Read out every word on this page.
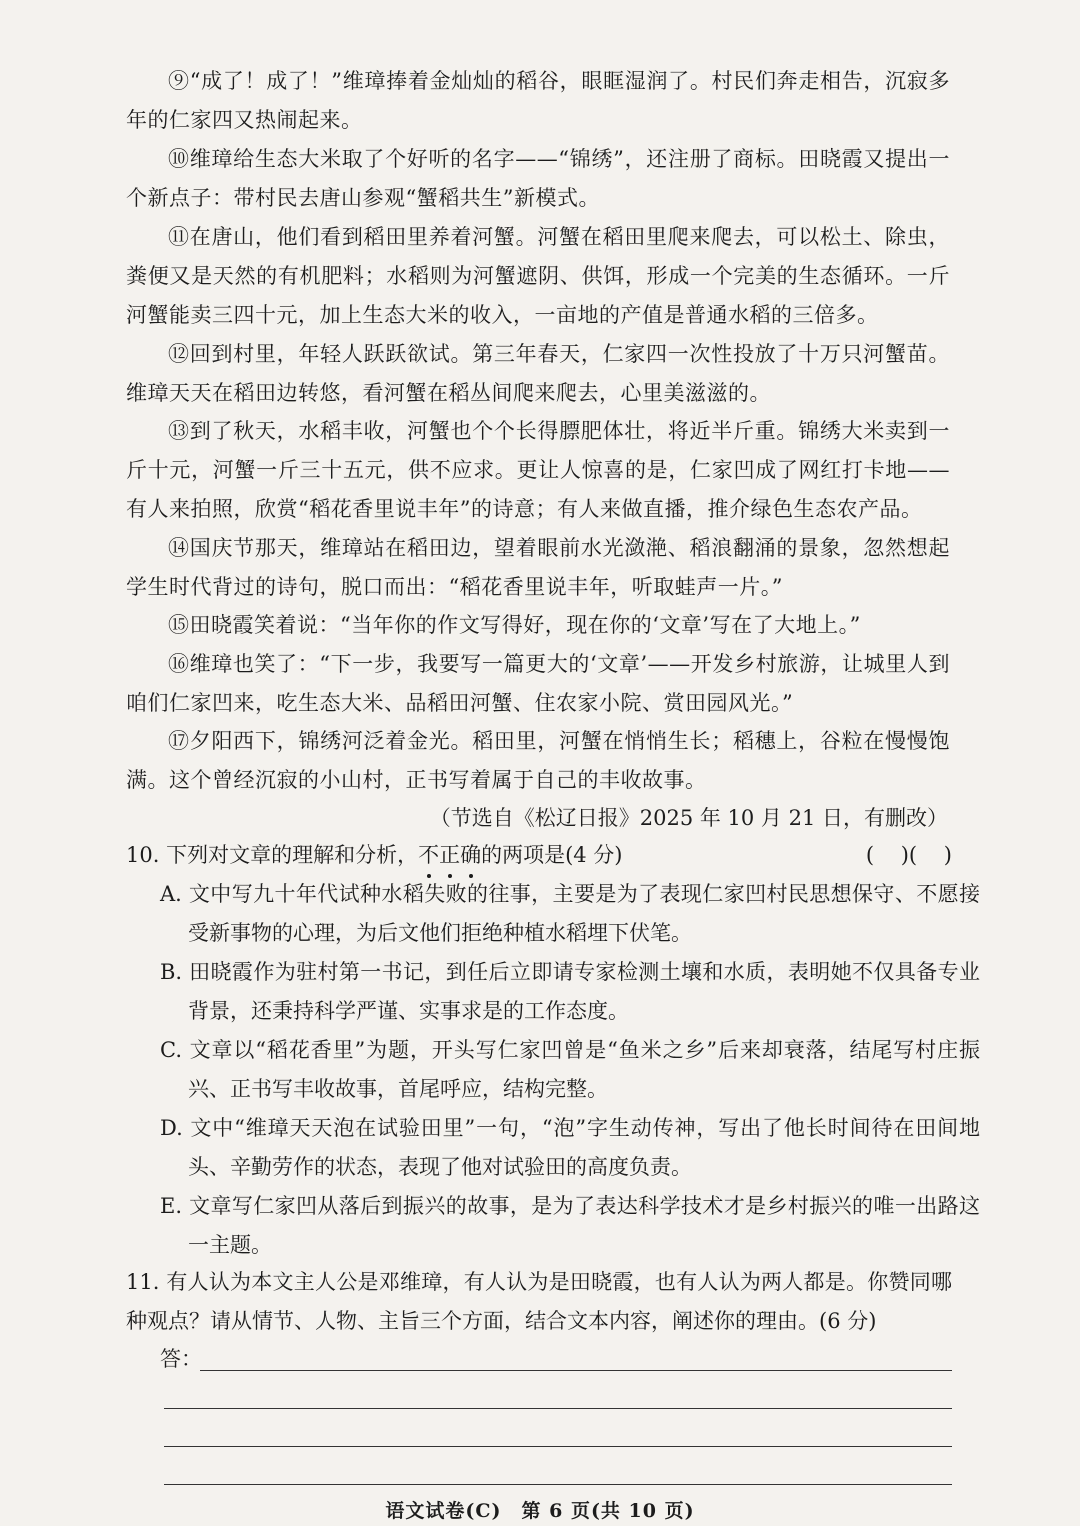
⑨“成了！成了！”维璋捧着金灿灿的稻谷，眼眶湿润了。村民们奔走相告，沉寂多年的仁家四又热闹起来。
⑩维璋给生态大米取了个好听的名字——“锦绣”，还注册了商标。田晓霞又提出一个新点子：带村民去唐山参观“蟹稻共生”新模式。
⑪在唐山，他们看到稻田里养着河蟹。河蟹在稻田里爬来爬去，可以松土、除虫，粪便又是天然的有机肥料；水稻则为河蟹遮阴、供饵，形成一个完美的生态循环。一斤河蟹能卖三四十元，加上生态大米的收入，一亩地的产值是普通水稻的三倍多。
⑫回到村里，年轻人跃跃欲试。第三年春天，仁家四一次性投放了十万只河蟹苗。维璋天天在稻田边转悠，看河蟹在稻丛间爬来爬去，心里美滋滋的。
⑬到了秋天，水稻丰收，河蟹也个个长得膘肥体壮，将近半斤重。锦绣大米卖到一斤十元，河蟹一斤三十五元，供不应求。更让人惊喜的是，仁家凹成了网红打卡地——有人来拍照，欣赏“稻花香里说丰年”的诗意；有人来做直播，推介绿色生态农产品。
⑭国庆节那天，维璋站在稻田边，望着眼前水光潋滟、稻浪翻涌的景象，忽然想起学生时代背过的诗句，脱口而出：“稻花香里说丰年，听取蛙声一片。”
⑮田晓霞笑着说：“当年你的作文写得好，现在你的‘文章’写在了大地上。”
⑯维璋也笑了：“下一步，我要写一篇更大的‘文章’——开发乡村旅游，让城里人到咱们仁家凹来，吃生态大米、品稻田河蟹、住农家小院、赏田园风光。”
⑰夕阳西下，锦绣河泛着金光。稻田里，河蟹在悄悄生长；稻穗上，谷粒在慢慢饱满。这个曾经沉寂的小山村，正书写着属于自己的丰收故事。
（节选自《松辽日报》2025 年 10 月 21 日，有删改）
10. 下列对文章的理解和分析，不正确的两项是(4 分)	(    )(    )
A. 文中写九十年代试种水稻失败的往事，主要是为了表现仁家凹村民思想保守、不愿接受新事物的心理，为后文他们拒绝种植水稻埋下伏笔。
B. 田晓霞作为驻村第一书记，到任后立即请专家检测土壤和水质，表明她不仅具备专业背景，还秉持科学严谨、实事求是的工作态度。
C. 文章以“稻花香里”为题，开头写仁家凹曾是“鱼米之乡”后来却衰落，结尾写村庄振兴、正书写丰收故事，首尾呼应，结构完整。
D. 文中“维璋天天泡在试验田里”一句，“泡”字生动传神，写出了他长时间待在田间地头、辛勤劳作的状态，表现了他对试验田的高度负责。
E. 文章写仁家凹从落后到振兴的故事，是为了表达科学技术才是乡村振兴的唯一出路这一主题。
11. 有人认为本文主人公是邓维璋，有人认为是田晓霞，也有人认为两人都是。你赞同哪种观点？请从情节、人物、主旨三个方面，结合文本内容，阐述你的理由。(6 分)
答：
语文试卷(C)　第 6 页(共 10 页)
